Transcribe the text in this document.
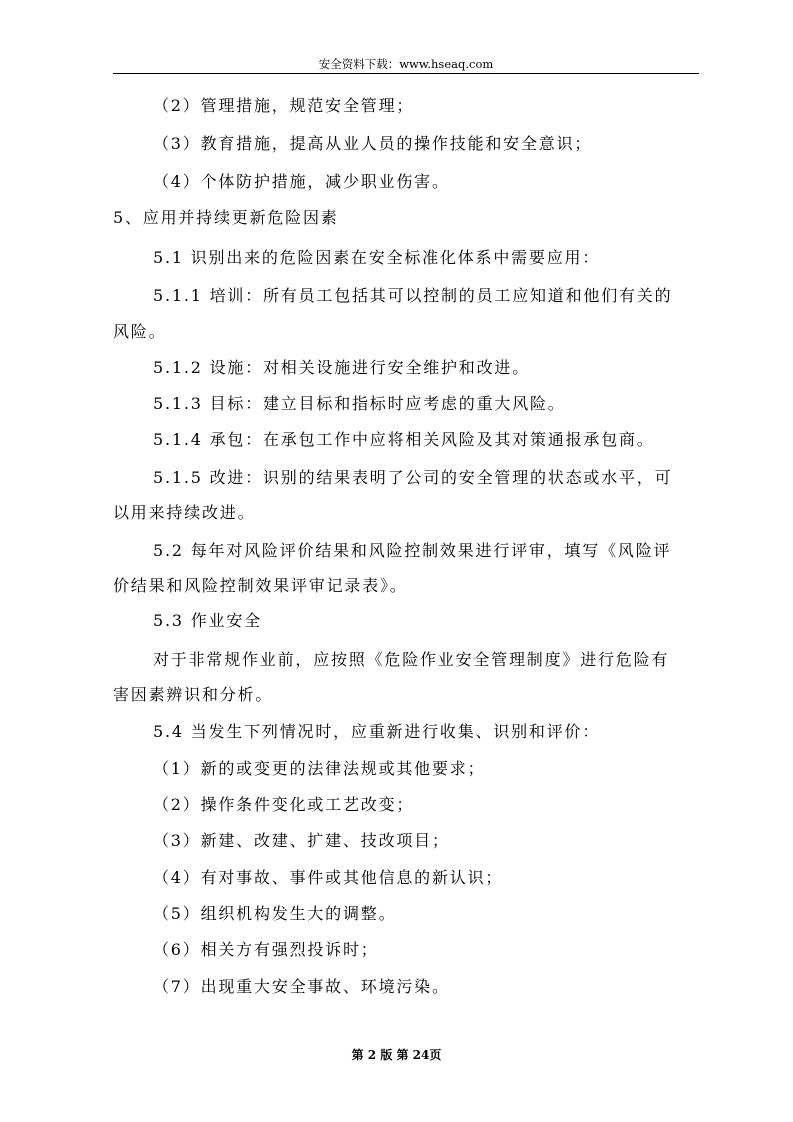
安全资料下载：www.hseaq.com
（2）管理措施，规范安全管理；
（3）教育措施，提高从业人员的操作技能和安全意识；
（4）个体防护措施，减少职业伤害。
5、应用并持续更新危险因素
5.1 识别出来的危险因素在安全标准化体系中需要应用：
5.1.1 培训：所有员工包括其可以控制的员工应知道和他们有关的
风险。
5.1.2 设施：对相关设施进行安全维护和改进。
5.1.3 目标：建立目标和指标时应考虑的重大风险。
5.1.4 承包：在承包工作中应将相关风险及其对策通报承包商。
5.1.5 改进：识别的结果表明了公司的安全管理的状态或水平，可
以用来持续改进。
5.2 每年对风险评价结果和风险控制效果进行评审，填写《风险评
价结果和风险控制效果评审记录表》。
5.3 作业安全
对于非常规作业前，应按照《危险作业安全管理制度》进行危险有
害因素辨识和分析。
5.4 当发生下列情况时，应重新进行收集、识别和评价：
（1）新的或变更的法律法规或其他要求；
（2）操作条件变化或工艺改变；
（3）新建、改建、扩建、技改项目；
（4）有对事故、事件或其他信息的新认识；
（5）组织机构发生大的调整。
（6）相关方有强烈投诉时；
（7）出现重大安全事故、环境污染。
第 2 版 第 24页
